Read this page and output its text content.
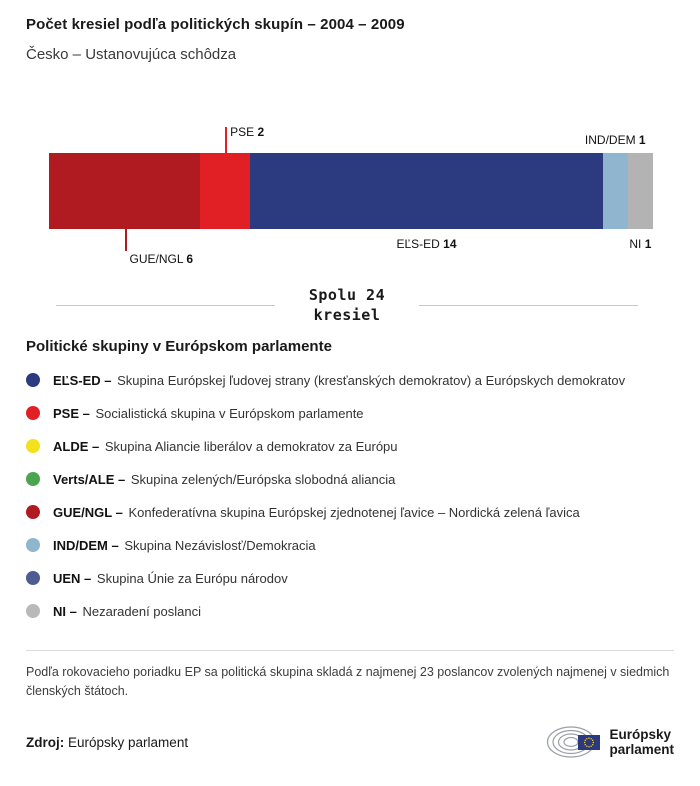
Počet kresiel podľa politických skupín – 2004 – 2009
Česko – Ustanovujúca schôdza
PSE 2
IND/DEM 1
GUE/NGL 6
EĽS-ED 14	NI 1
Spolu 24
kresiel
Politické skupiny v Európskom parlamente
EĽS-ED – Skupina Európskej ľudovej strany (kresťanských demokratov) a Európskych demokratov
PSE – Socialistická skupina v Európskom parlamente
ALDE – Skupina Aliancie liberálov a demokratov za Európu
Verts/ALE – Skupina zelených/Európska slobodná aliancia
GUE/NGL – Konfederatívna skupina Európskej zjednotenej ľavice – Nordická zelená ľavica
IND/DEM – Skupina Nezávislosť/Demokracia
UEN – Skupina Únie za Európu národov
NI – Nezaradení poslanci

Podľa rokovacieho poriadku EP sa politická skupina skladá z najmenej 23 poslancov zvolených najmenej v siedmich členských štátoch.

Zdroj: Európsky parlament
Európsky
parlament
